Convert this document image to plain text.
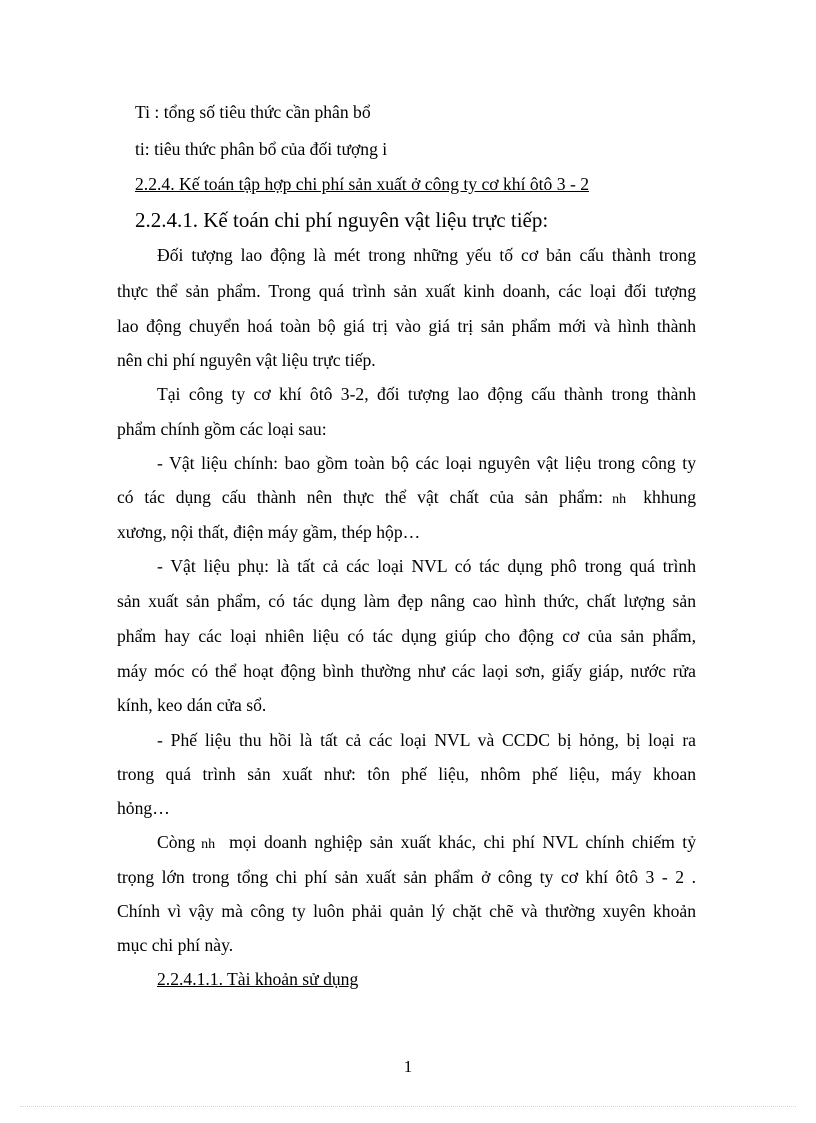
Ti : tổng số tiêu thức cần phân bổ
ti: tiêu thức phân bổ của đối tượng i
2.2.4. Kế toán tập hợp chi phí sản xuất ở công ty cơ khí ôtô 3 - 2
2.2.4.1. Kế toán chi phí nguyên vật liệu trực tiếp:
Đối tượng lao động là mét trong những yếu tố cơ bản cấu thành trong
thực thể sản phẩm. Trong quá trình sản xuất kinh doanh, các loại đối tượng
lao động chuyển hoá toàn bộ giá trị vào giá trị sản phẩm mới và hình thành
nên chi phí nguyên vật liệu trực tiếp.
Tại công ty cơ khí ôtô 3-2, đối tượng lao động cấu thành trong thành
phẩm chính gồm các loại sau:
- Vật liệu chính: bao gồm toàn bộ các loại nguyên vật liệu trong công ty
có tác dụng cấu thành nên thực thể vật chất của sản phẩm: nh khhung
xương, nội thất, điện máy gầm, thép hộp…
- Vật liệu phụ: là tất cả các loại NVL có tác dụng phô trong quá trình
sản xuất sản phẩm, có tác dụng làm đẹp nâng cao hình thức, chất lượng sản
phẩm hay các loại nhiên liệu có tác dụng giúp cho động cơ của sản phẩm,
máy móc có thể hoạt động bình thường như các laọi sơn, giấy giáp, nước rửa
kính, keo dán cửa sổ.
- Phế liệu thu hồi là tất cả các loại NVL và CCDC bị hỏng, bị loại ra
trong quá trình sản xuất như: tôn phế liệu, nhôm phế liệu, máy khoan
hỏng…
Còng nh mọi doanh nghiệp sản xuất khác, chi phí NVL chính chiếm tỷ
trọng lớn trong tổng chi phí sản xuất sản phẩm ở công ty cơ khí ôtô 3 - 2 .
Chính vì vậy mà công ty luôn phải quản lý chặt chẽ và thường xuyên khoản
mục chi phí này.
2.2.4.1.1. Tài khoản sử dụng
1
